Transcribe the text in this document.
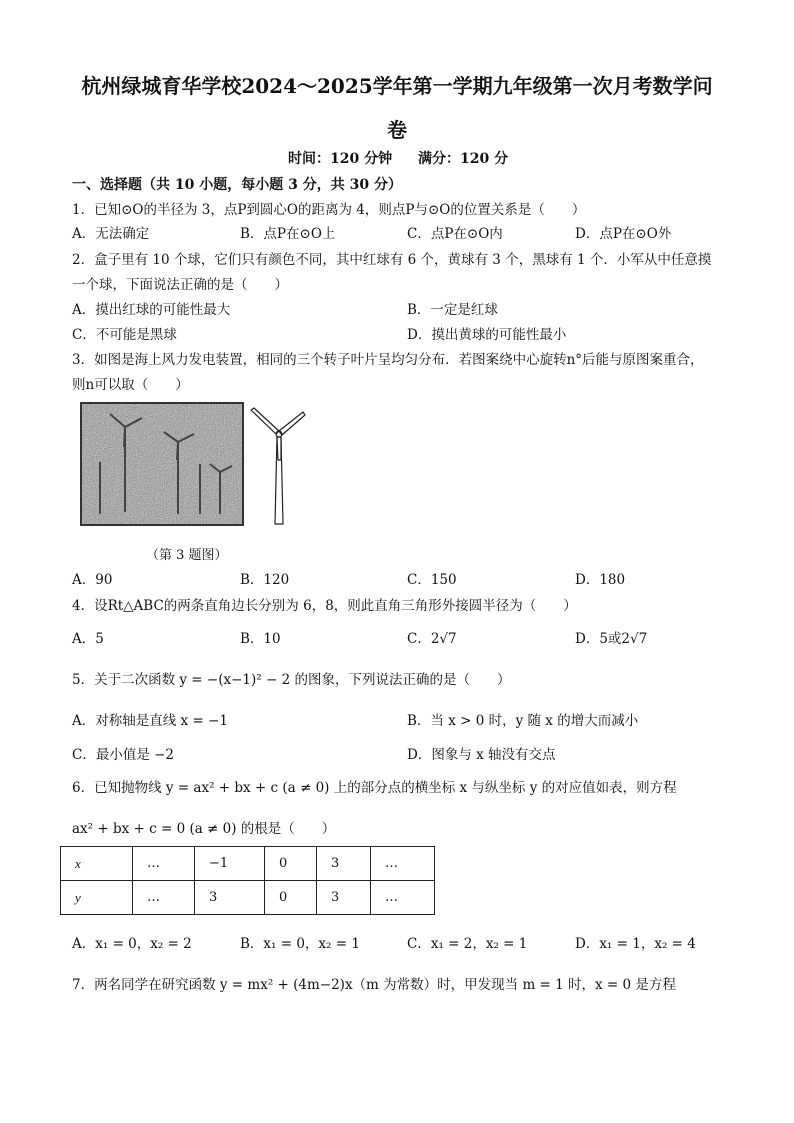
杭州绿城育华学校2024～2025学年第一学期九年级第一次月考数学问
卷
时间：120 分钟 满分：120 分
一、选择题（共 10 小题，每小题 3 分，共 30 分）
1．已知⊙O的半径为 3，点P到圆心O的距离为 4，则点P与⊙O的位置关系是（　　）
A．无法确定	B．点P在⊙O上	C．点P在⊙O内	D．点P在⊙O外
2．盒子里有 10 个球，它们只有颜色不同，其中红球有 6 个，黄球有 3 个，黑球有 1 个．小军从中任意摸
一个球，下面说法正确的是（　　）
A．摸出红球的可能性最大	B．一定是红球
C．不可能是黑球	D．摸出黄球的可能性最小
3．如图是海上风力发电装置，相同的三个转子叶片呈均匀分布．若图案绕中心旋转n°后能与原图案重合，
则n可以取（　　）
（第 3 题图）
A．90	B．120	C．150	D．180
4．设Rt△ABC的两条直角边长分别为 6，8，则此直角三角形外接圆半径为（　　）
A．5	B．10	C．2√7	D．5或2√7
5．关于二次函数 y = −(x−1)² − 2 的图象，下列说法正确的是（　　）
A．对称轴是直线 x = −1	B．当 x > 0 时，y 随 x 的增大而减小
C．最小值是 −2	D．图象与 x 轴没有交点
6．已知抛物线 y = ax² + bx + c (a ≠ 0) 上的部分点的横坐标 x 与纵坐标 y 的对应值如表，则方程
ax² + bx + c = 0 (a ≠ 0) 的根是（　　）
x	…	−1	0	3	…
y	…	3	0	3	…
A．x₁ = 0，x₂ = 2	B．x₁ = 0，x₂ = 1	C．x₁ = 2，x₂ = 1	D．x₁ = 1，x₂ = 4
7．两名同学在研究函数 y = mx² + (4m−2)x（m 为常数）时，甲发现当 m = 1 时，x = 0 是方程
